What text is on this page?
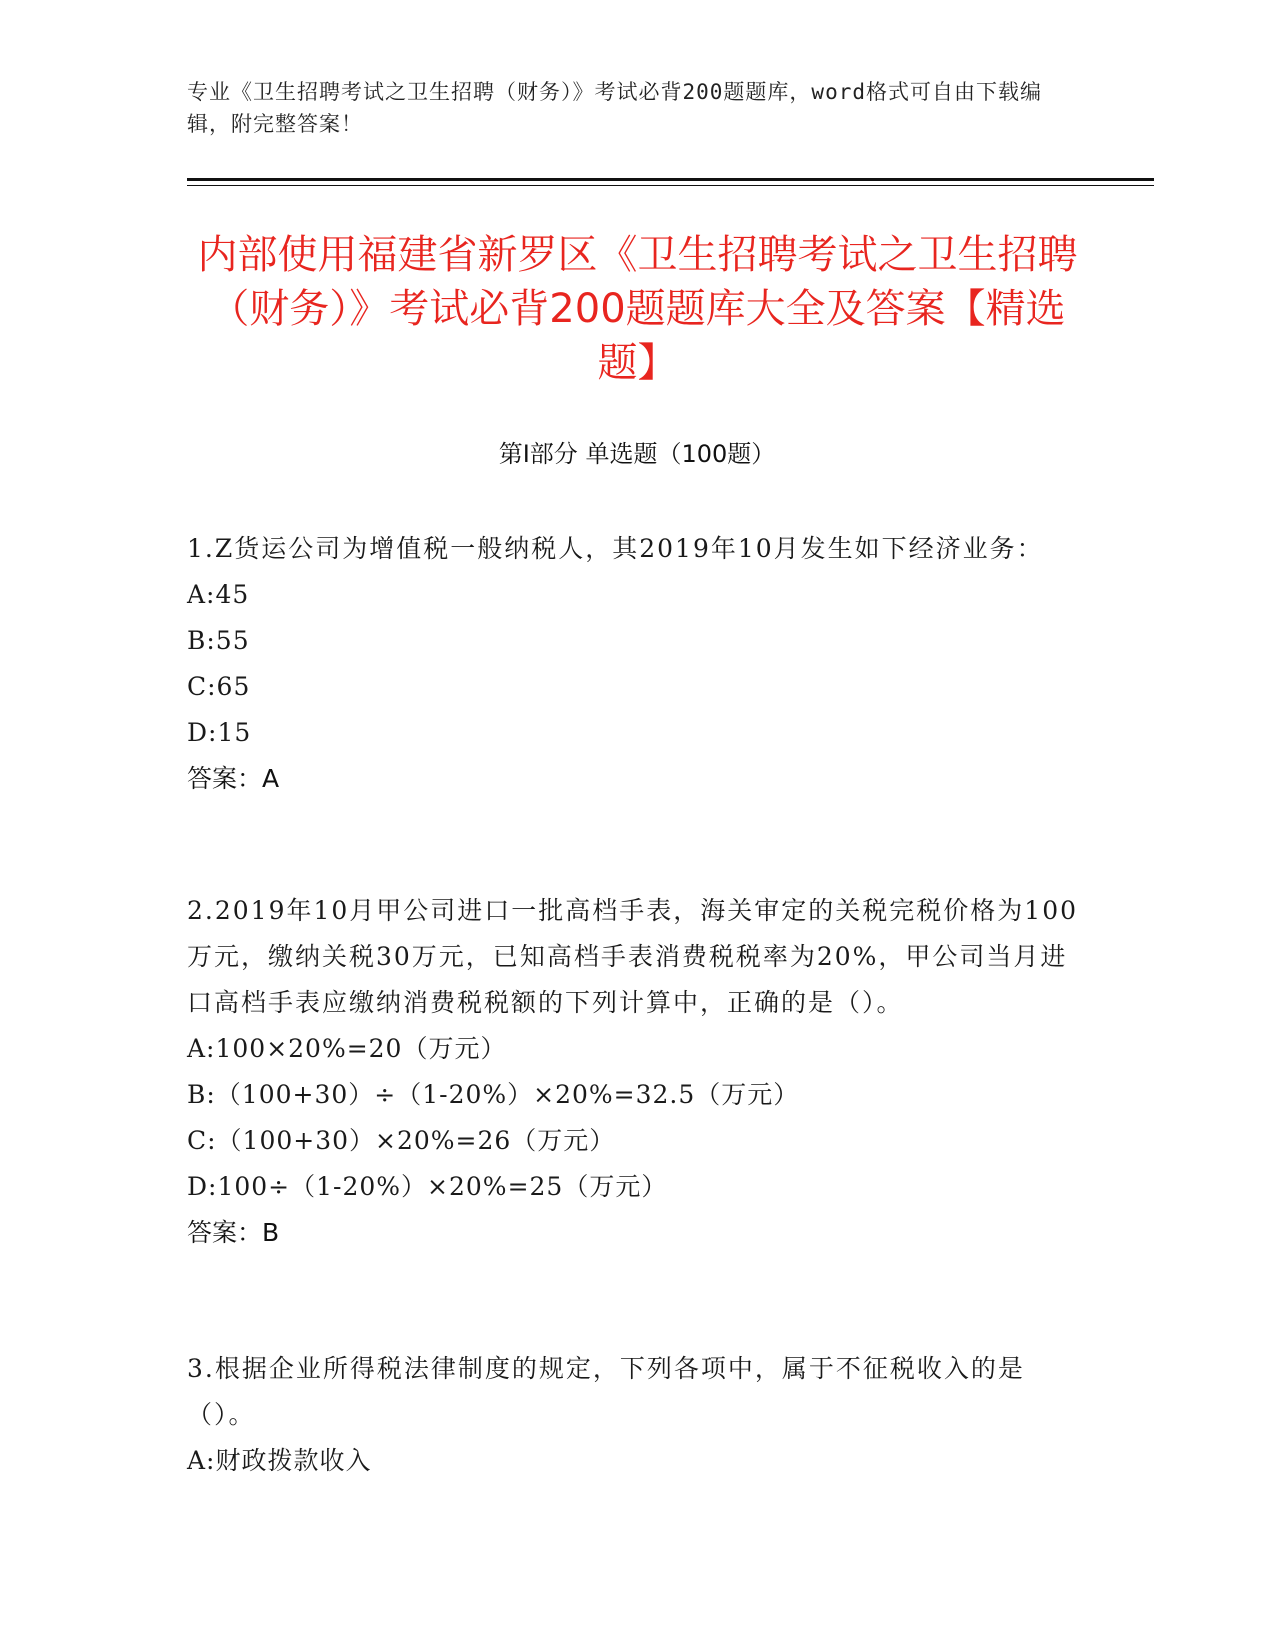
专业《卫生招聘考试之卫生招聘（财务）》考试必背200题题库，word格式可自由下载编辑，附完整答案！
内部使用福建省新罗区《卫生招聘考试之卫生招聘（财务）》考试必背200题题库大全及答案【精选题】
第Ⅰ部分 单选题（100题）

1.Z货运公司为增值税一般纳税人，其2019年10月发生如下经济业务：

A:45

B:55

C:65

D:15

答案：A

2.2019年10月甲公司进口一批高档手表，海关审定的关税完税价格为100万元，缴纳关税30万元，已知高档手表消费税税率为20%，甲公司当月进口高档手表应缴纳消费税税额的下列计算中，正确的是（）。

A:100×20%=20（万元）

B:（100+30）÷（1-20%）×20%=32.5（万元）

C:（100+30）×20%=26（万元）

D:100÷（1-20%）×20%=25（万元）

答案：B

3.根据企业所得税法律制度的规定，下列各项中，属于不征税收入的是（）。

A:财政拨款收入
